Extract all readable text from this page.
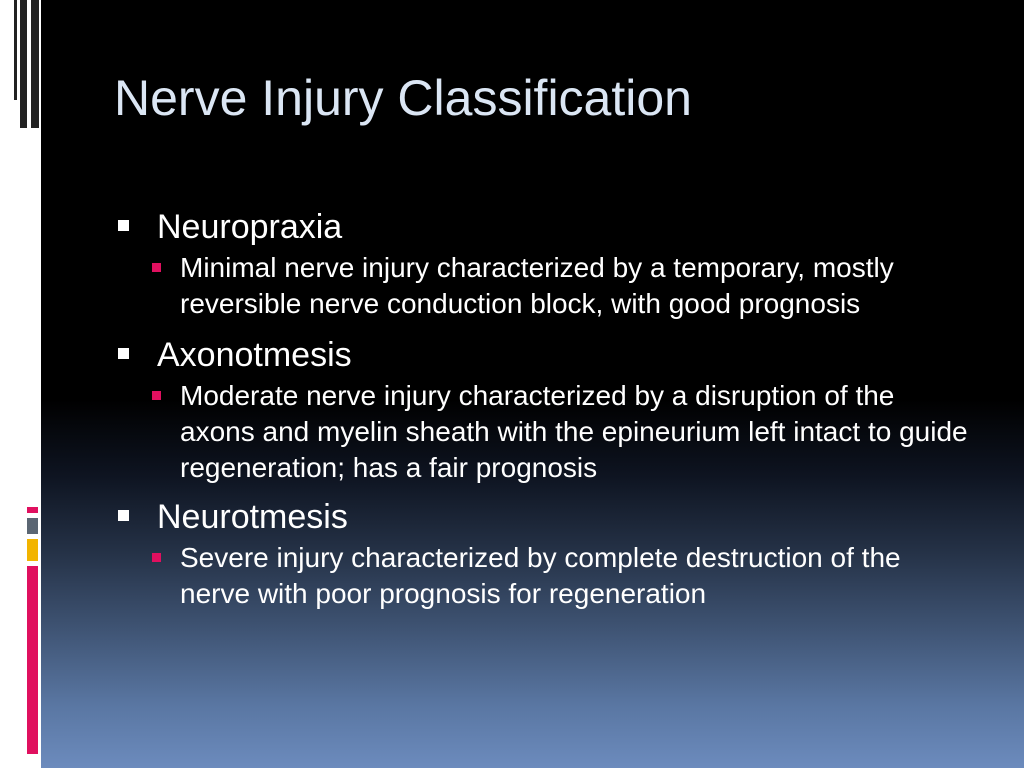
Nerve Injury Classification

Neuropraxia

Minimal nerve injury characterized by a temporary, mostly reversible nerve conduction block, with good prognosis

Axonotmesis

Moderate nerve injury characterized by a disruption of the axons and myelin sheath with the epineurium left intact to guide regeneration; has a fair prognosis

Neurotmesis

Severe injury characterized by complete destruction of the nerve with poor prognosis for regeneration
